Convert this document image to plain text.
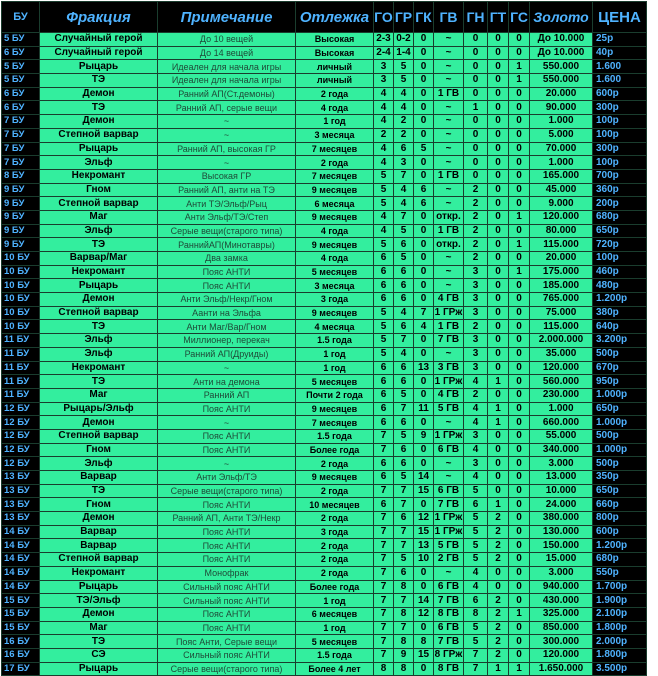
БУ	Фракция	Примечание	Отлежка	ГО	ГР	ГК	ГВ	ГН	ГТ	ГС	Золото	ЦЕНА
5 БУ	Случайный герой	До 10 вещей	Высокая	2-3	0-2	0	~	0	0	0	До 10.000	25р
6 БУ	Случайный герой	До 14 вещей	Высокая	2-4	1-4	0	~	0	0	0	До 10.000	40р
5 БУ	Рыцарь	Идеален для начала игры	личный	3	5	0	~	0	0	1	550.000	1.600
5 БУ	ТЭ	Идеален для начала игры	личный	3	5	0	~	0	0	1	550.000	1.600
6 БУ	Демон	Ранний АП(Ст.демоны)	2 года	4	4	0	1 ГВ	0	0	0	20.000	600р
6 БУ	ТЭ	Ранний АП, серые вещи	4 года	4	4	0	~	1	0	0	90.000	300р
7 БУ	Демон	~	1 год	4	2	0	~	0	0	0	1.000	100р
7 БУ	Степной варвар	~	3 месяца	2	2	0	~	0	0	0	5.000	100р
7 БУ	Рыцарь	Ранний АП, высокая ГР	7 месяцев	4	6	5	~	0	0	0	70.000	300р
7 БУ	Эльф	~	2 года	4	3	0	~	0	0	0	1.000	100р
8 БУ	Некромант	Высокая ГР	7 месяцев	5	7	0	1 ГВ	0	0	0	165.000	700р
9 БУ	Гном	Ранний АП, анти на ТЭ	9 месяцев	5	4	6	~	2	0	0	45.000	360р
9 БУ	Степной варвар	Анти ТЭ/Эльф/Рыц	6 месяца	5	4	6	~	2	0	0	9.000	200р
9 БУ	Маг	Анти Эльф/ТЭ/Степ	9 месяцев	4	7	0	откр.	2	0	1	120.000	680р
9 БУ	Эльф	Серые вещи(старого типа)	4 года	4	5	0	1 ГВ	2	0	0	80.000	650р
9 БУ	ТЭ	РаннийАП(Минотавры)	9 месяцев	5	6	0	откр.	2	0	1	115.000	720р
10 БУ	Варвар/Маг	Два замка	4 года	6	5	0	~	2	0	0	20.000	100р
10 БУ	Некромант	Пояс АНТИ	5 месяцев	6	6	0	~	3	0	1	175.000	460р
10 БУ	Рыцарь	Пояс АНТИ	3 месяца	6	6	0	~	3	0	0	185.000	480р
10 БУ	Демон	Анти Эльф/Некр/Гном	3 года	6	6	0	4 ГВ	3	0	0	765.000	1.200р
10 БУ	Степной варвар	Аанти на Эльфа	9 месяцев	5	4	7	1 ГРж	3	0	0	75.000	380р
10 БУ	ТЭ	Анти Маг/Вар/Гном	4 месяца	5	6	4	1 ГВ	2	0	0	115.000	640р
11 БУ	Эльф	Миллионер, перекач	1.5 года	5	7	0	7 ГВ	3	0	0	2.000.000	3.200р
11 БУ	Эльф	Ранний АП(Друиды)	1 год	5	4	0	~	3	0	0	35.000	500р
11 БУ	Некромант	~	1 год	6	6	13	3 ГВ	3	0	0	120.000	670р
11 БУ	ТЭ	Анти на демона	5 месяцев	6	6	0	1 ГРж	4	1	0	560.000	950р
11 БУ	Маг	Ранний АП	Почти 2 года	6	5	0	4 ГВ	2	0	0	230.000	1.000р
12 БУ	Рыцарь/Эльф	Пояс АНТИ	9 месяцев	6	7	11	5 ГВ	4	1	0	1.000	650р
12 БУ	Демон	~	7 месяцев	6	6	0	~	4	1	0	660.000	1.000р
12 БУ	Степной варвар	Пояс АНТИ	1.5 года	7	5	9	1 ГРж	3	0	0	55.000	500р
12 БУ	Гном	Пояс АНТИ	Более года	7	6	0	6 ГВ	4	0	0	340.000	1.000р
12 БУ	Эльф	~	2 года	6	6	0	~	3	0	0	3.000	500р
13 БУ	Варвар	Анти Эльф/ТЭ	9 месяцев	6	5	14	~	4	0	0	13.000	350р
13 БУ	ТЭ	Серые вещи(старого типа)	2 года	7	7	15	6 ГВ	5	0	0	10.000	650р
13 БУ	Гном	Пояс АНТИ	10 месяцев	6	7	0	7 ГВ	6	1	0	24.000	660р
13 БУ	Демон	Ранний АП, Анти ТЭ/Некр	2 года	7	6	12	1 ГРж	5	2	0	380.000	800р
14 БУ	Варвар	Пояс АНТИ	3 года	7	7	15	1 ГРж	5	2	0	130.000	600р
14 БУ	Варвар	Пояс АНТИ	2 года	7	7	13	5 ГВ	5	2	0	150.000	1.200р
14 БУ	Степной варвар	Пояс АНТИ	2 года	7	5	10	2 ГВ	5	2	0	15.000	680р
14 БУ	Некромант	Монофрак	2 года	7	6	0	~	4	0	0	3.000	550р
14 БУ	Рыцарь	Сильный пояс АНТИ	Более года	7	8	0	6 ГВ	4	0	0	940.000	1.700р
15 БУ	ТЭ/Эльф	Сильный пояс АНТИ	1 год	7	7	14	7 ГВ	6	2	0	430.000	1.900р
15 БУ	Демон	Пояс АНТИ	6 месяцев	7	8	12	8 ГВ	8	2	1	325.000	2.100р
15 БУ	Маг	Пояс АНТИ	1 год	7	7	0	6 ГВ	5	2	0	850.000	1.800р
16 БУ	ТЭ	Пояс Анти, Серые вещи	5 месяцев	7	8	8	7 ГВ	5	2	0	300.000	2.000р
16 БУ	СЭ	Сильный пояс АНТИ	1.5 года	7	9	15	8 ГРж	7	2	0	120.000	1.800р
17 БУ	Рыцарь	Серые вещи(старого типа)	Более 4 лет	8	8	0	8 ГВ	7	1	1	1.650.000	3.500р
